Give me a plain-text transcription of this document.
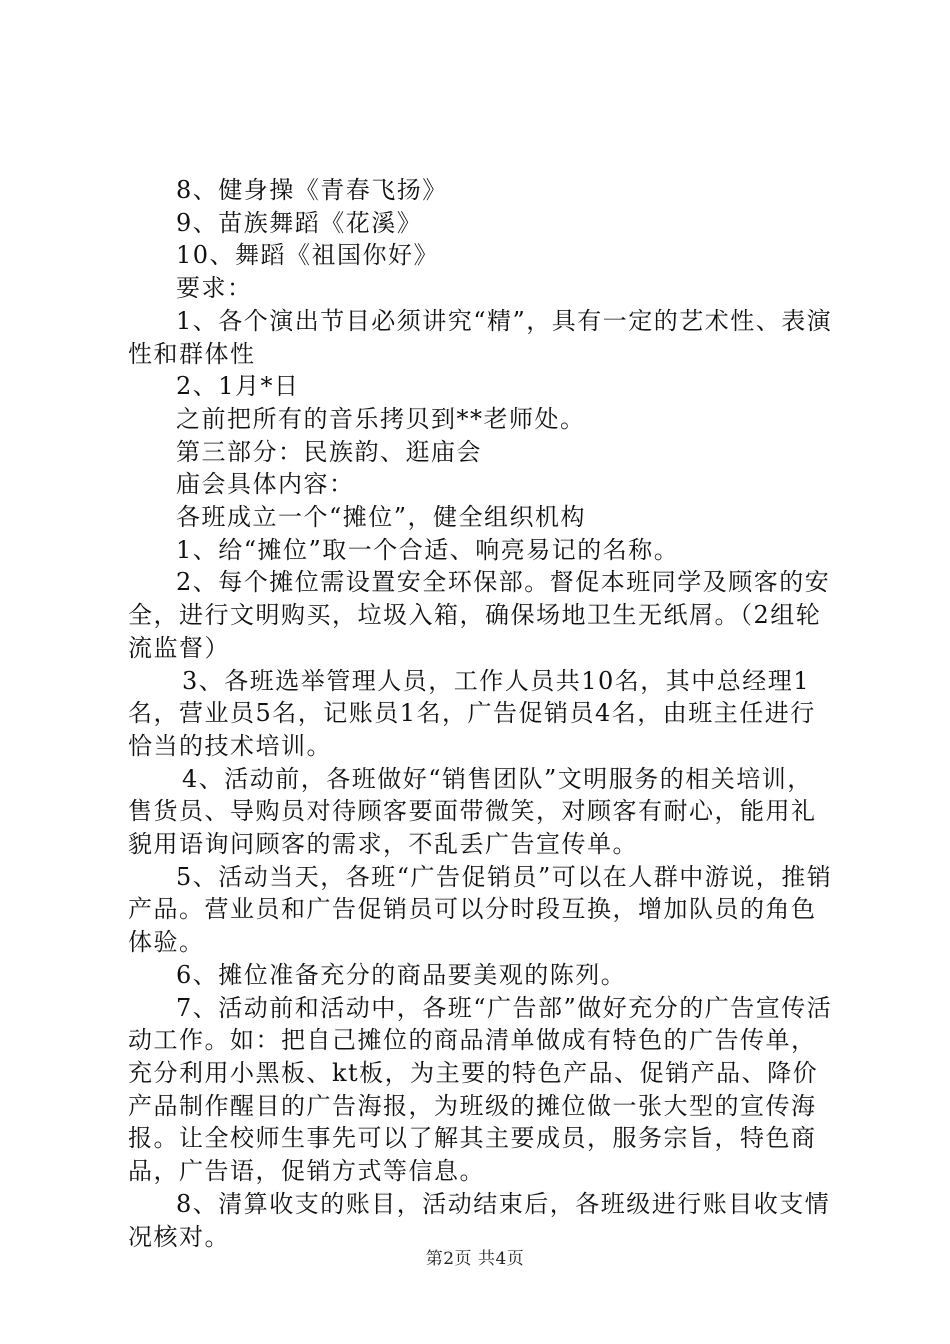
8、健身操《青春飞扬》

9、苗族舞蹈《花溪》

10、舞蹈《祖国你好》

要求：

1、各个演出节目必须讲究“精”，具有一定的艺术性、表演性和群体性

2、1月*日

之前把所有的音乐拷贝到**老师处。

第三部分：民族韵、逛庙会

庙会具体内容：

各班成立一个“摊位”，健全组织机构

1、给“摊位”取一个合适、响亮易记的名称。

2、每个摊位需设置安全环保部。督促本班同学及顾客的安全，进行文明购买，垃圾入箱，确保场地卫生无纸屑。（2组轮流监督）

3、各班选举管理人员，工作人员共10名，其中总经理1名，营业员5名，记账员1名，广告促销员4名，由班主任进行恰当的技术培训。

4、活动前，各班做好“销售团队”文明服务的相关培训，售货员、导购员对待顾客要面带微笑，对顾客有耐心，能用礼貌用语询问顾客的需求，不乱丢广告宣传单。

5、活动当天，各班“广告促销员”可以在人群中游说，推销产品。营业员和广告促销员可以分时段互换，增加队员的角色体验。

6、摊位准备充分的商品要美观的陈列。

7、活动前和活动中，各班“广告部”做好充分的广告宣传活动工作。如：把自己摊位的商品清单做成有特色的广告传单，充分利用小黑板、kt板，为主要的特色产品、促销产品、降价产品制作醒目的广告海报，为班级的摊位做一张大型的宣传海报。让全校师生事先可以了解其主要成员，服务宗旨，特色商品，广告语，促销方式等信息。

8、清算收支的账目，活动结束后，各班级进行账目收支情况核对。

第2页 共4页
